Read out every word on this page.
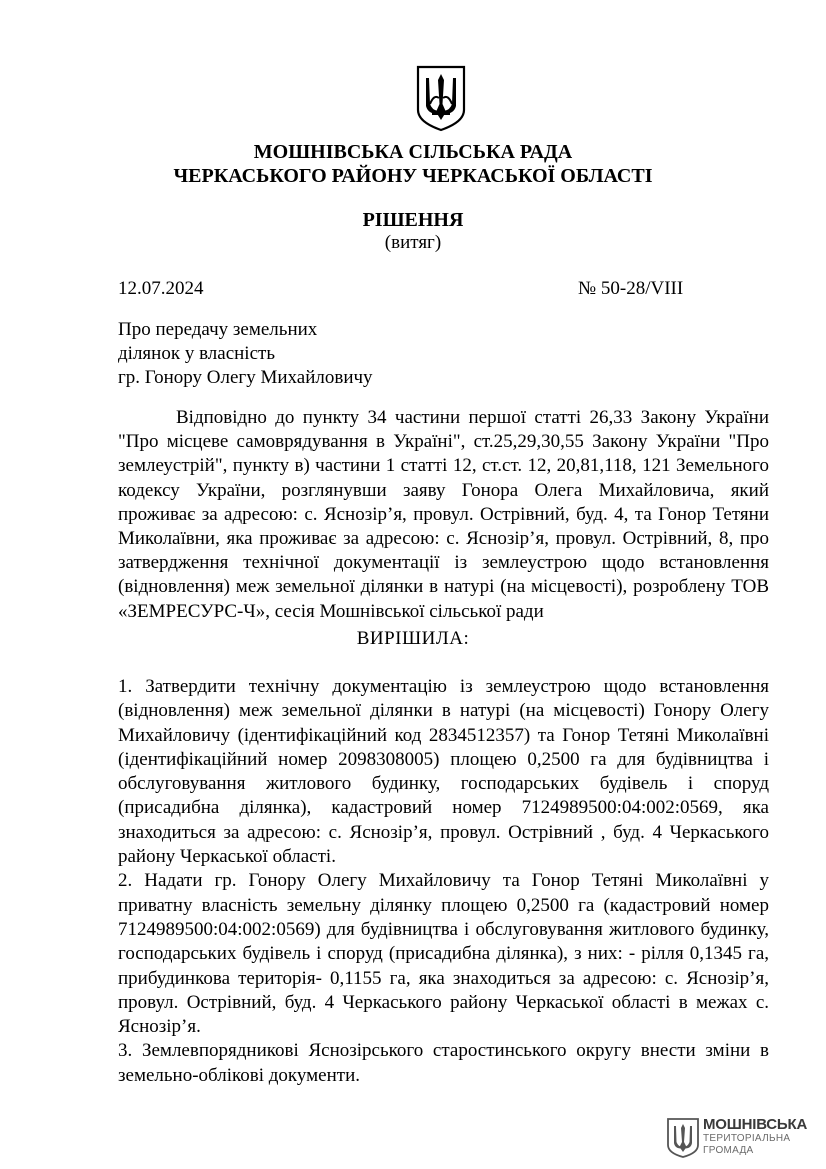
МОШНІВСЬКА СІЛЬСЬКА РАДА
ЧЕРКАСЬКОГО РАЙОНУ ЧЕРКАСЬКОЇ ОБЛАСТІ
РІШЕННЯ
(витяг)
12.07.2024	№ 50-28/VIII
Про передачу земельних
ділянок у власність
гр. Гонору Олегу Михайловичу
Відповідно до пункту 34 частини першої статті 26,33 Закону України "Про місцеве самоврядування в Україні", ст.25,29,30,55 Закону України "Про землеустрій", пункту в) частини 1 статті 12, ст.ст. 12, 20,81,118, 121 Земельного кодексу України, розглянувши заяву Гонора Олега Михайловича, який проживає за адресою: с. Яснозір’я, провул. Острівний, буд. 4, та Гонор Тетяни Миколаївни, яка проживає за адресою: с. Яснозір’я, провул. Острівний, 8, про затвердження технічної документації із землеустрою щодо встановлення (відновлення) меж земельної ділянки в натурі (на місцевості), розроблену ТОВ «ЗЕМРЕСУРС-Ч», сесія Мошнівської сільської ради
ВИРІШИЛА:

1. Затвердити технічну документацію із землеустрою щодо встановлення (відновлення) меж земельної ділянки в натурі (на місцевості) Гонору Олегу Михайловичу (ідентифікаційний код 2834512357) та Гонор Тетяні Миколаївні (ідентифікаційний номер 2098308005) площею 0,2500 га для будівництва і обслуговування житлового будинку, господарських будівель і споруд (присадибна ділянка), кадастровий номер 7124989500:04:002:0569, яка знаходиться за адресою: с. Яснозір’я, провул. Острівний , буд. 4 Черкаського району Черкаської області.

2. Надати гр. Гонору Олегу Михайловичу та Гонор Тетяні Миколаївні у приватну власність земельну ділянку площею 0,2500 га (кадастровий номер 7124989500:04:002:0569) для будівництва і обслуговування житлового будинку, господарських будівель і споруд (присадибна ділянка), з них: - рілля 0,1345 га, прибудинкова територія- 0,1155 га, яка знаходиться за адресою: с. Яснозір’я, провул. Острівний, буд. 4 Черкаського району Черкаської області в межах с. Яснозір’я.

3. Землевпорядникові Яснозірського старостинського округу внести зміни в земельно-облікові документи.

МОШНІВСЬКА
ТЕРИТОРІАЛЬНА
ГРОМАДА
